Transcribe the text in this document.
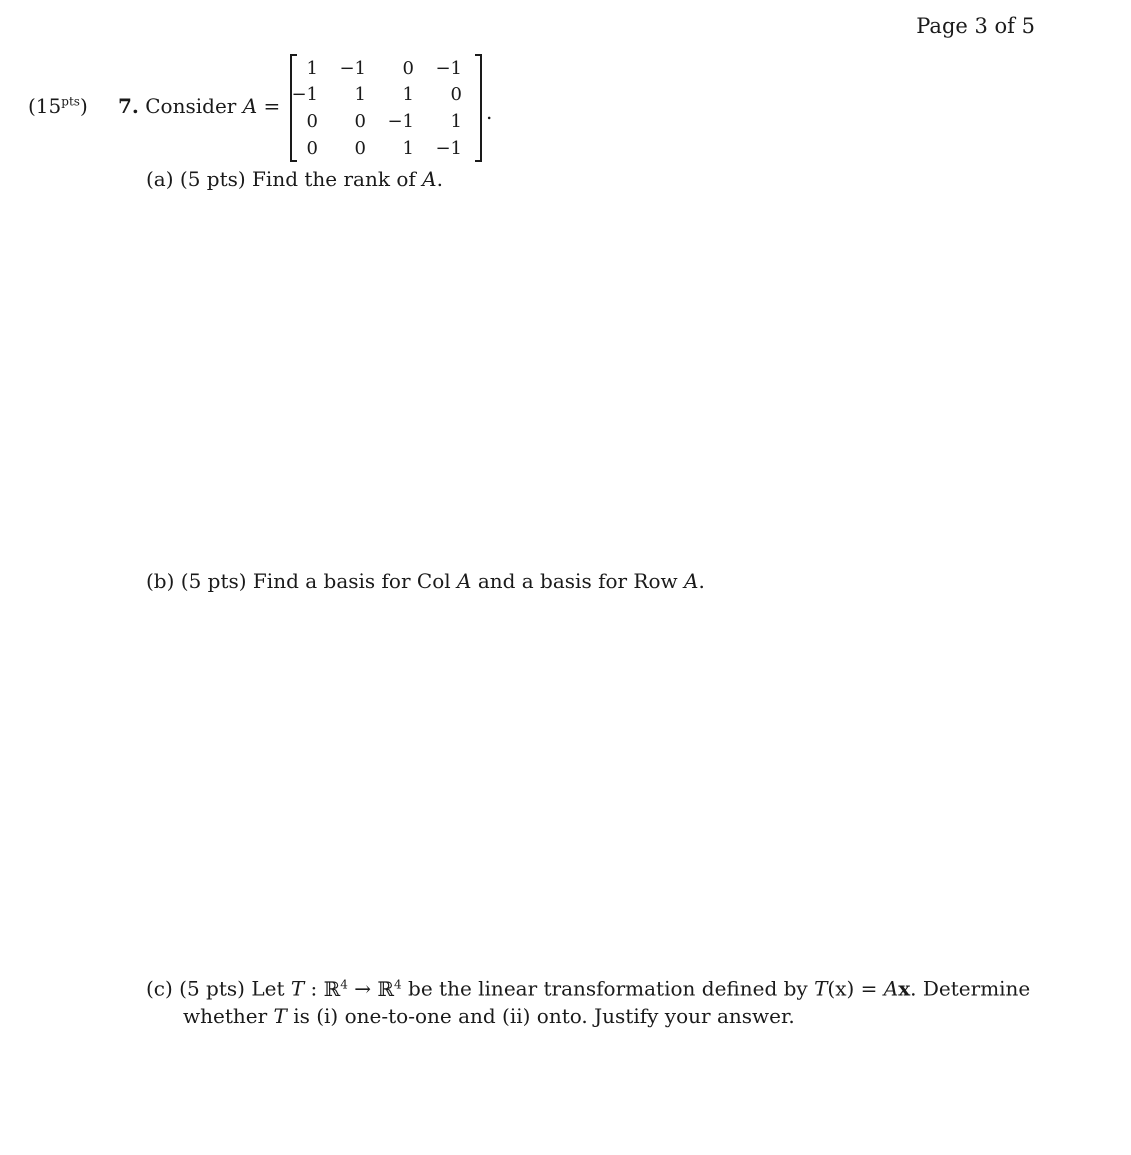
Page 3 of 5
$(15^{pts})$ 7. Consider A =
1	−1	0	−1
−1	1	1	0
0	0	−1	1
0	0	1	−1
.
(a) (5 pts) Find the rank of A.
(b) (5 pts) Find a basis for Col A and a basis for Row A.
(c) (5 pts) Let T : ℝ$^4$ → ℝ$^4$ be the linear transformation defined by T(x) = Ax. Determine
whether T is (i) one-to-one and (ii) onto. Justify your answer.
